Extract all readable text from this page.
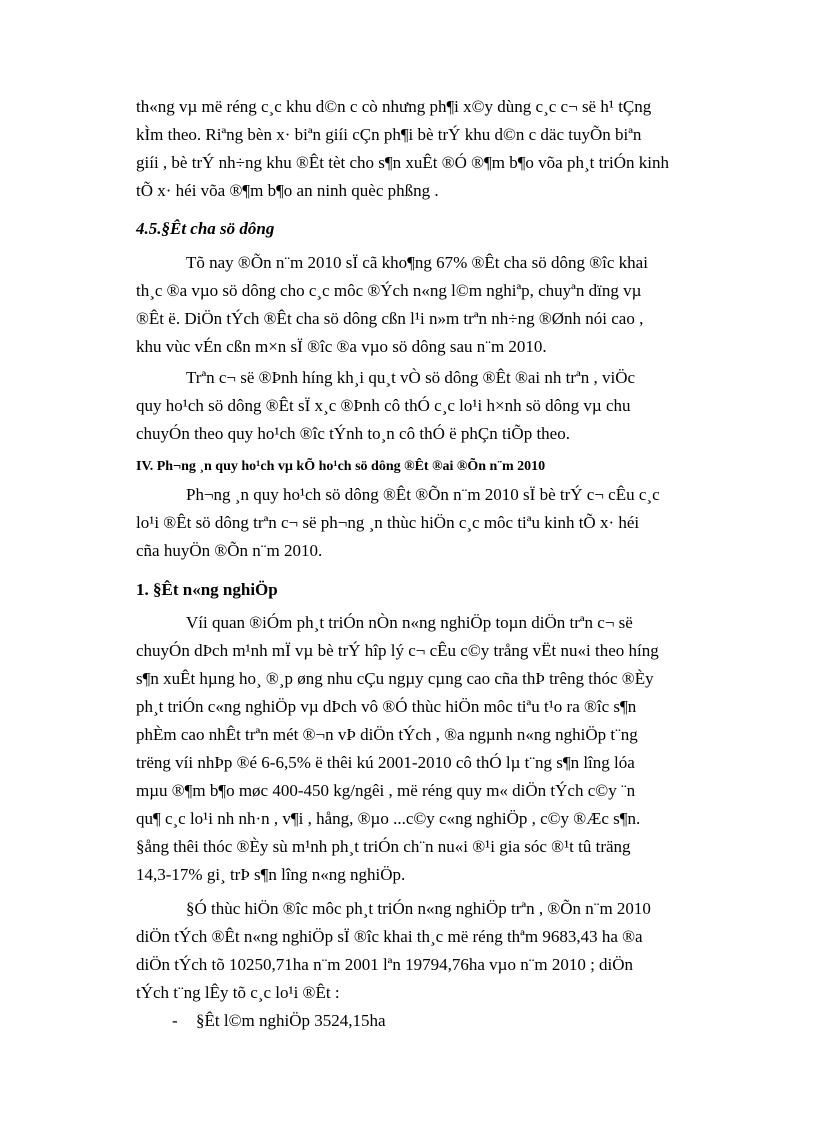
th«ng vµ më réng c¸c khu d©n c cò nhưng ph¶i x©y dùng c¸c c¬ së h¹ tÇng
kÌm theo. Riªng bèn x· biªn giíi cÇn ph¶i bè trÝ khu d©n c däc tuyÕn biªn
giíi , bè trÝ nh÷ng khu ®Êt tèt cho s¶n xuÊt ®Ó ®¶m b¶o võa ph¸t triÓn kinh
tÕ x· héi võa ®¶m b¶o an ninh quèc phßng .
4.5.§Êt cha sö dông
Tõ nay ®Õn n¨m 2010 sÏ cã kho¶ng 67% ®Êt cha sö dông ®îc khai
th¸c ®a vµo sö dông cho c¸c môc ®Ých n«ng l©m nghiªp, chuyªn dïng vµ
®Êt ë. DiÖn tÝch ®Êt cha sö dông cßn l¹i n»m trªn nh÷ng ®Ønh nói cao ,
khu vùc vÉn cßn m×n sÏ ®îc ®a vµo sö dông sau n¨m 2010.
Trªn c¬ së ®Þnh híng kh¸i qu¸t vÒ sö dông ®Êt ®ai nh trªn , viÖc
quy ho¹ch sö dông ®Êt sÏ x¸c ®Þnh cô thÓ c¸c lo¹i h×nh sö dông vµ chu
chuyÓn theo quy ho¹ch ®îc tÝnh to¸n cô thÓ ë phÇn tiÕp theo.
IV. Ph¬ng ¸n quy ho¹ch vµ kÕ ho¹ch sö dông ®Êt ®ai ®Õn n¨m 2010
Ph¬ng ¸n quy ho¹ch sö dông ®Êt ®Õn n¨m 2010 sÏ bè trÝ c¬ cÊu c¸c
lo¹i ®Êt sö dông trªn c¬ së ph¬ng ¸n thùc hiÖn c¸c môc tiªu kinh tÕ x· héi
cña huyÖn ®Õn n¨m 2010.
1. §Êt n«ng nghiÖp
Víi quan ®iÓm ph¸t triÓn nÒn n«ng nghiÖp toµn diÖn trªn c¬ së
chuyÓn dÞch m¹nh mÏ vµ bè trÝ hîp lý c¬ cÊu c©y trång vËt nu«i theo híng
s¶n xuÊt hµng ho¸ ®¸p øng nhu cÇu ngµy cµng cao cña thÞ trêng thóc ®Èy
ph¸t triÓn c«ng nghiÖp vµ dÞch vô ®Ó thùc hiÖn môc tiªu t¹o ra ®îc s¶n
phÈm cao nhÊt trªn mét ®¬n vÞ diÖn tÝch , ®a ngµnh n«ng nghiÖp t¨ng
trëng víi nhÞp ®é 6-6,5% ë thêi kú 2001-2010 cô thÓ lµ t¨ng s¶n lîng lóa
mµu ®¶m b¶o møc 400-450 kg/ngêi , më réng quy m« diÖn tÝch c©y ¨n
qu¶ c¸c lo¹i nh nh·n , v¶i , hång, ®µo ...c©y c«ng nghiÖp , c©y ®Æc s¶n.
§ång thêi thóc ®Èy sù m¹nh ph¸t triÓn ch¨n nu«i ®¹i gia sóc ®¹t tû träng
14,3-17% gi¸ trÞ s¶n lîng n«ng nghiÖp.
§Ó thùc hiÖn ®îc môc ph¸t triÓn n«ng nghiÖp trªn , ®Õn n¨m 2010
diÖn tÝch ®Êt n«ng nghiÖp sÏ ®îc khai th¸c më réng thªm 9683,43 ha ®a
diÖn tÝch tõ 10250,71ha n¨m 2001 lªn 19794,76ha vµo n¨m 2010 ; diÖn
tÝch t¨ng lÊy tõ c¸c lo¹i ®Êt :
- §Êt l©m nghiÖp 3524,15ha
